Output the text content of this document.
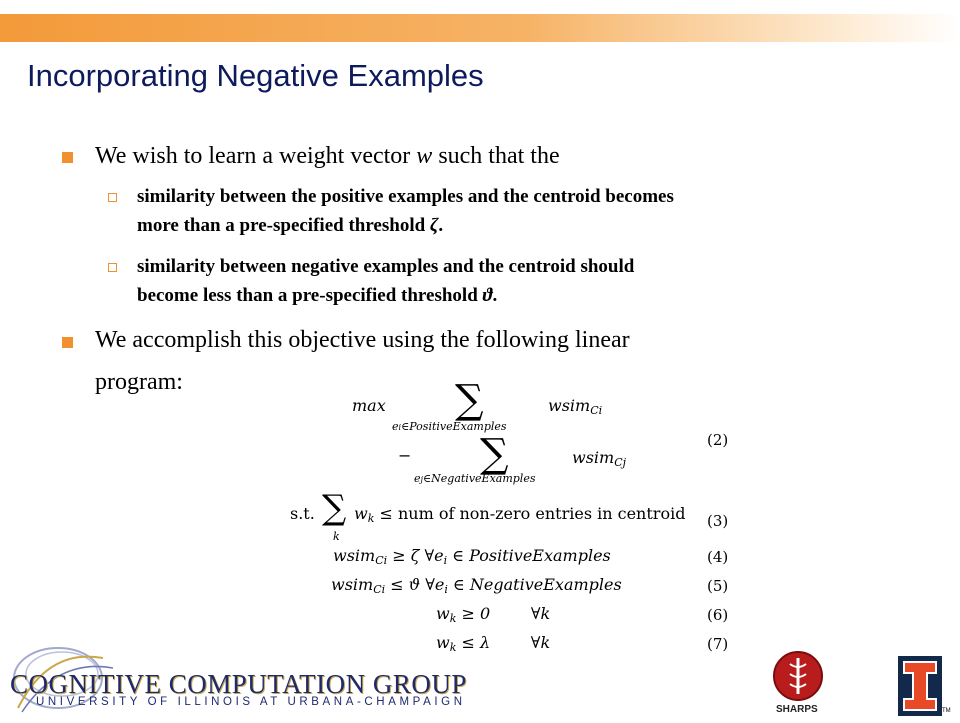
Incorporating Negative Examples
We wish to learn a weight vector w such that the
similarity between the positive examples and the centroid becomes
more than a pre-specified threshold ζ.
similarity between negative examples and the centroid should
become less than a pre-specified threshold ϑ.
We accomplish this objective using the following linear
program:
max ∑
ei∈PositiveExamples
wsim$_{Ci}$
(2)
− ∑
ej∈NegativeExamples
wsim$_{Cj}$
s.t. ∑
k
$w_k$ ≤ num of non-zero entries in centroid (3)
wsim$_{Ci}$ ≥ ζ $\forall e_i$ ∈ PositiveExamples	(4)
wsim$_{Ci}$ ≤ ϑ $\forall e_i$ ∈ NegativeExamples	(5)
$w_k \ge 0$        ∀k	(6)
$w_k \le \lambda$        ∀k	(7)
COGNITIVE COMPUTATION GROUP
UNIVERSITY OF ILLINOIS AT URBANA-CHAMPAIGN
SHARPS	TM
